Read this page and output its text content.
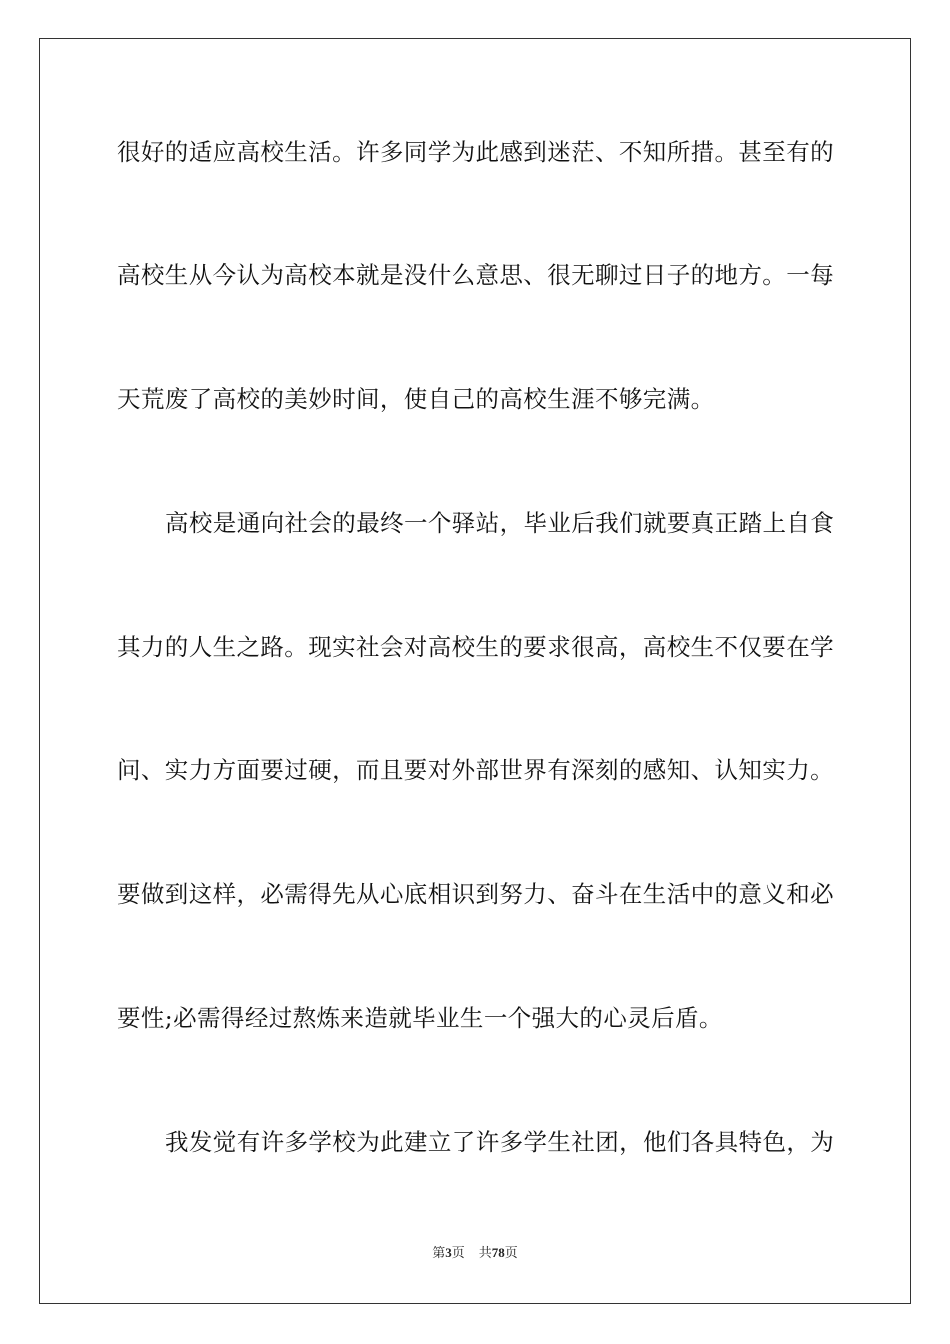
很好的适应高校生活。许多同学为此感到迷茫、不知所措。甚至有的
高校生从今认为高校本就是没什么意思、很无聊过日子的地方。一每
天荒废了高校的美妙时间，使自己的高校生涯不够完满。
高校是通向社会的最终一个驿站，毕业后我们就要真正踏上自食
其力的人生之路。现实社会对高校生的要求很高，高校生不仅要在学
问、实力方面要过硬，而且要对外部世界有深刻的感知、认知实力。
要做到这样，必需得先从心底相识到努力、奋斗在生活中的意义和必
要性;必需得经过熬炼来造就毕业生一个强大的心灵后盾。
我发觉有许多学校为此建立了许多学生社团，他们各具特色，为
第3页 共78页
